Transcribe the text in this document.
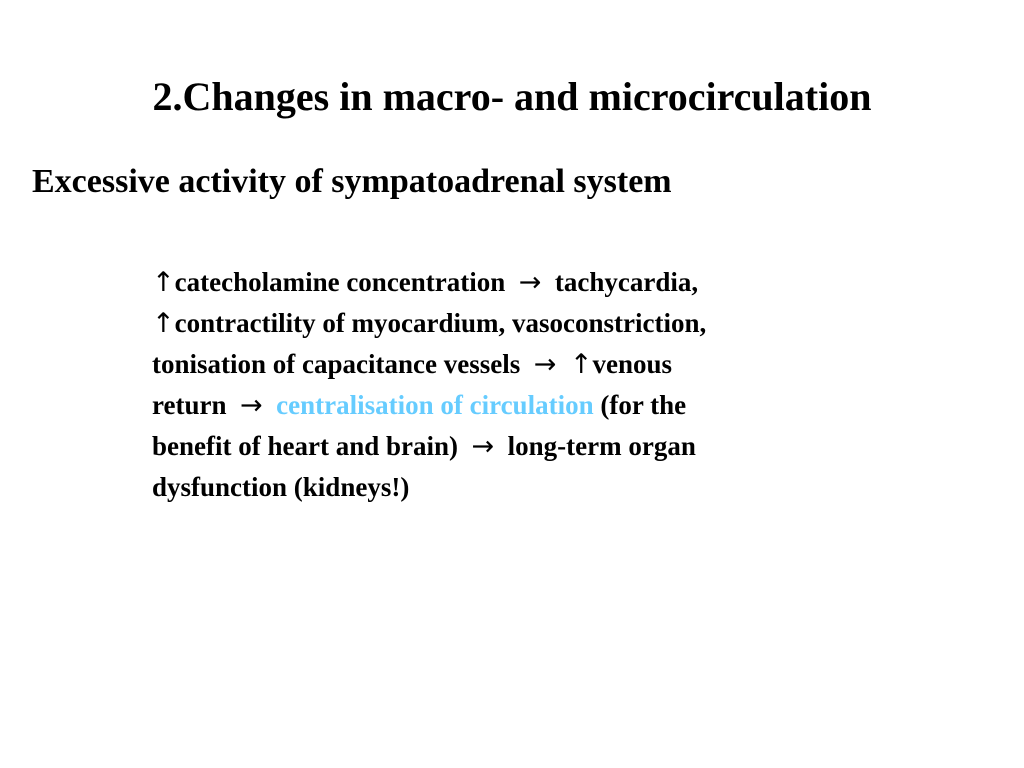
2.Changes in macro- and microcirculation
Excessive activity of sympatoadrenal system
↑catecholamine concentration  →  tachycardia,
↑contractility of myocardium, vasoconstriction,
tonisation of capacitance vessels  → ↑venous
return  → centralisation of circulation (for the
benefit of heart and brain)  →  long-term organ
dysfunction (kidneys!)
